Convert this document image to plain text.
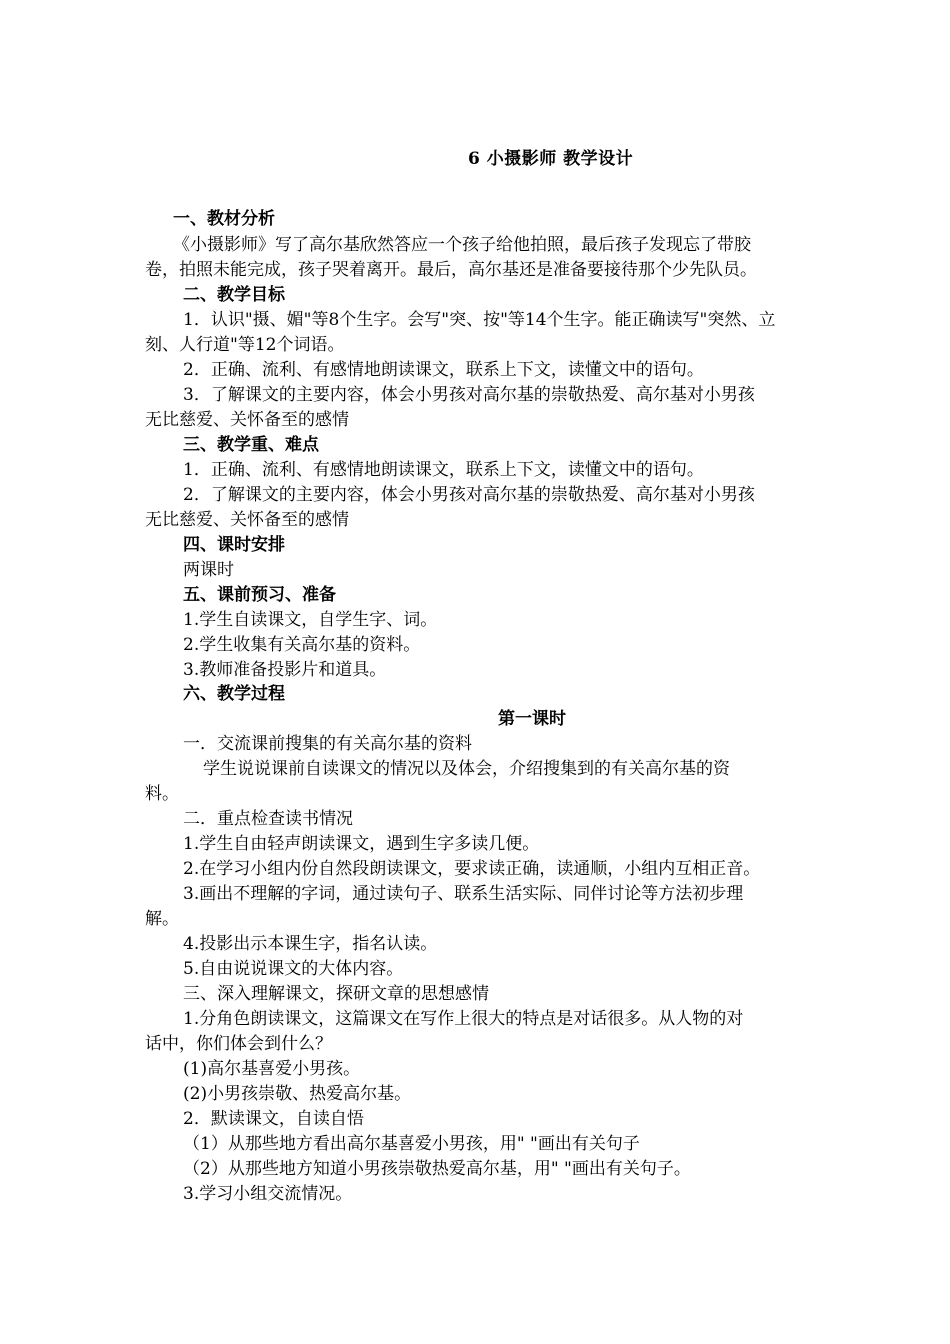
6 小摄影师 教学设计
一、教材分析
《小摄影师》写了高尔基欣然答应一个孩子给他拍照，最后孩子发现忘了带胶
卷，拍照未能完成，孩子哭着离开。最后，高尔基还是准备要接待那个少先队员。
二、教学目标
1．认识"摄、媚"等8个生字。会写"突、按"等14个生字。能正确读写"突然、立
刻、人行道"等12个词语。
2．正确、流利、有感情地朗读课文，联系上下文，读懂文中的语句。
3．了解课文的主要内容，体会小男孩对高尔基的崇敬热爱、高尔基对小男孩
无比慈爱、关怀备至的感情
三、教学重、难点
1．正确、流利、有感情地朗读课文，联系上下文，读懂文中的语句。
2．了解课文的主要内容，体会小男孩对高尔基的崇敬热爱、高尔基对小男孩
无比慈爱、关怀备至的感情
四、课时安排
两课时
五、课前预习、准备
1.学生自读课文，自学生字、词。
2.学生收集有关高尔基的资料。
3.教师准备投影片和道具。
六、教学过程
第一课时
一．交流课前搜集的有关高尔基的资料
学生说说课前自读课文的情况以及体会，介绍搜集到的有关高尔基的资
料。
二．重点检查读书情况
1.学生自由轻声朗读课文，遇到生字多读几便。
2.在学习小组内份自然段朗读课文，要求读正确，读通顺，小组内互相正音。
3.画出不理解的字词，通过读句子、联系生活实际、同伴讨论等方法初步理
解。
4.投影出示本课生字，指名认读。
5.自由说说课文的大体内容。
三、深入理解课文，探研文章的思想感情
1.分角色朗读课文，这篇课文在写作上很大的特点是对话很多。从人物的对
话中，你们体会到什么？
(1)高尔基喜爱小男孩。
(2)小男孩崇敬、热爱高尔基。
2．默读课文，自读自悟
（1）从那些地方看出高尔基喜爱小男孩，用" "画出有关句子
（2）从那些地方知道小男孩崇敬热爱高尔基，用" "画出有关句子。
3.学习小组交流情况。
